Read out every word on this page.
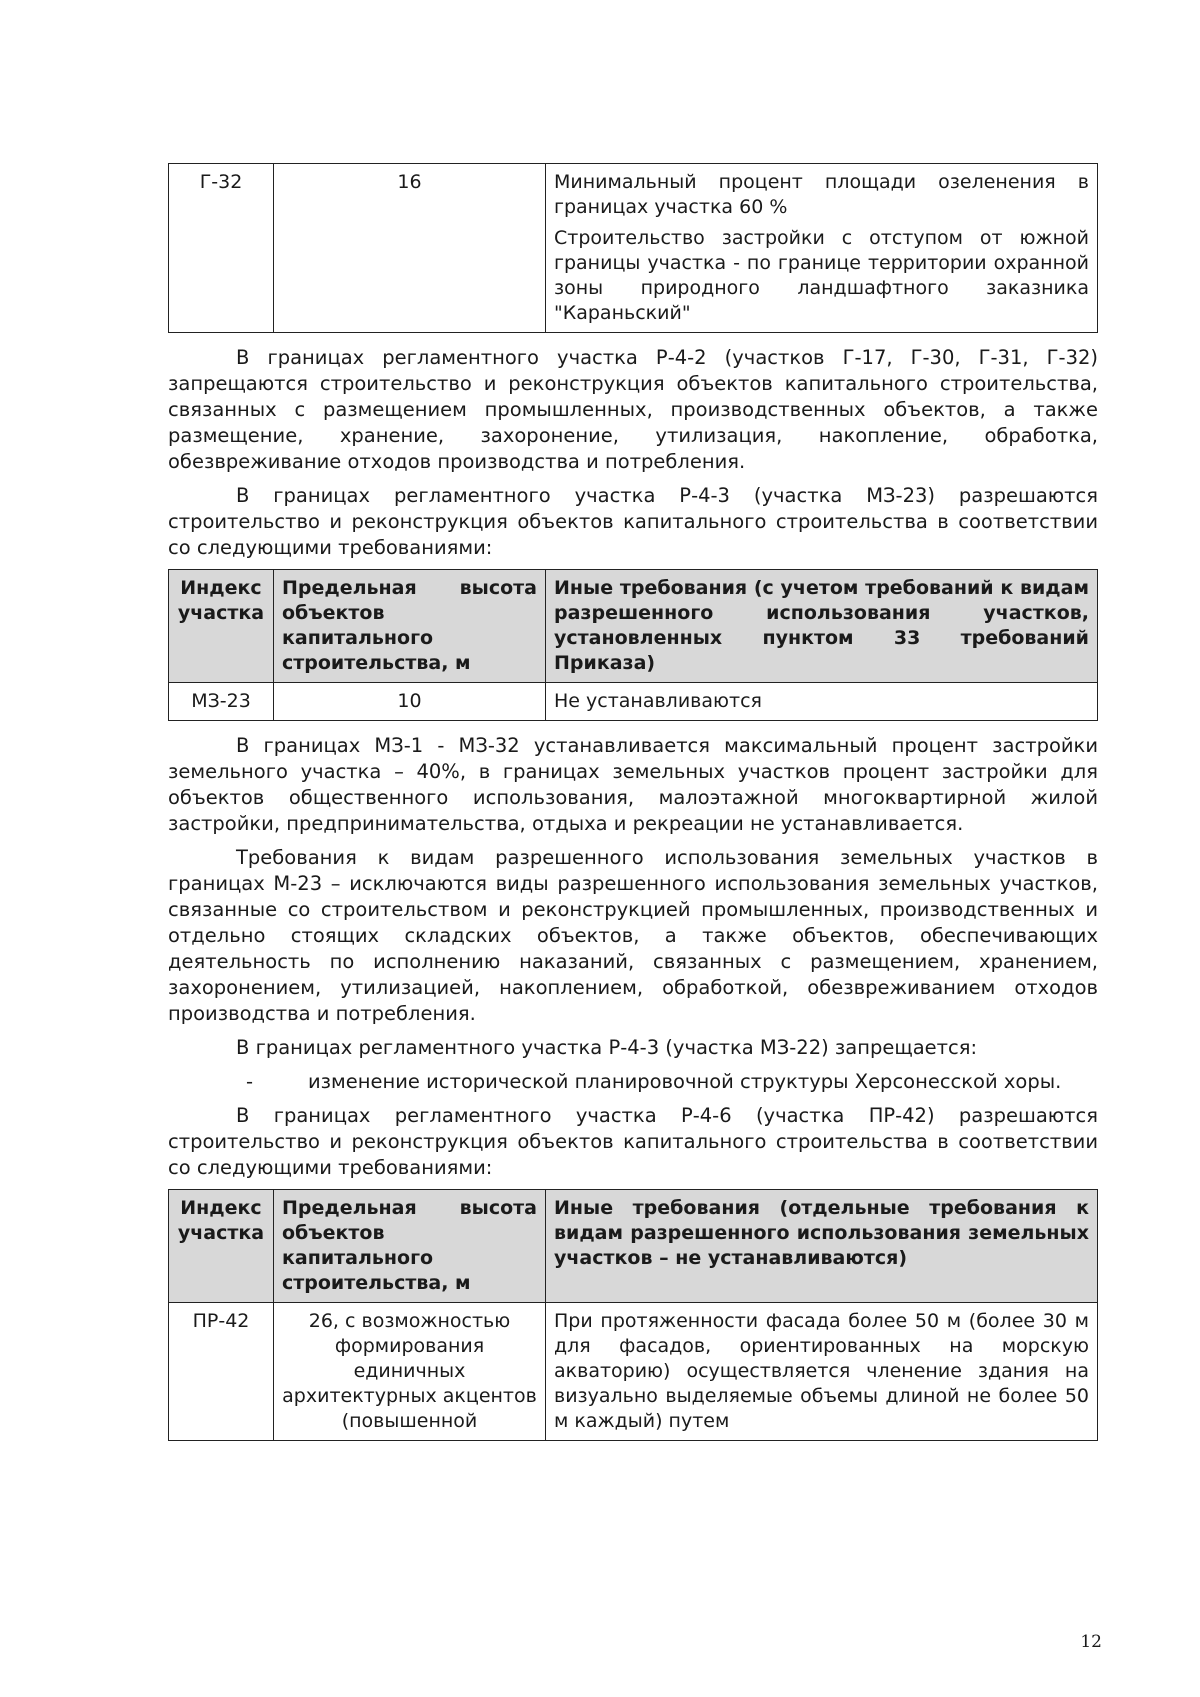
Г-32	16	Минимальный процент площади озеленения в границах участка 60 %

Строительство застройки с отступом от южной границы участка - по границе территории охранной зоны природного ландшафтного заказника "Караньский"

В границах регламентного участка Р-4-2 (участков Г-17, Г-30, Г-31, Г-32) запрещаются строительство и реконструкция объектов капитального строительства, связанных с размещением промышленных, производственных объектов, а также размещение, хранение, захоронение, утилизация, накопление, обработка, обезвреживание отходов производства и потребления.

В границах регламентного участка Р-4-3 (участка МЗ-23) разрешаются строительство и реконструкция объектов капитального строительства в соответствии со следующими требованиями:

Индекс участка	Предельная высота объектов капитального строительства, м	Иные требования (с учетом требований к видам разрешенного использования участков, установленных пунктом 33 требований Приказа)
МЗ-23	10	Не устанавливаются

В границах МЗ-1 - МЗ-32 устанавливается максимальный процент застройки земельного участка – 40%, в границах земельных участков процент застройки для объектов общественного использования, малоэтажной многоквартирной жилой застройки, предпринимательства, отдыха и рекреации не устанавливается.

Требования к видам разрешенного использования земельных участков в границах М-23 – исключаются виды разрешенного использования земельных участков, связанные со строительством и реконструкцией промышленных, производственных и отдельно стоящих складских объектов, а также объектов, обеспечивающих деятельность по исполнению наказаний, связанных с размещением, хранением, захоронением, утилизацией, накоплением, обработкой, обезвреживанием отходов производства и потребления.

В границах регламентного участка Р-4-3 (участка МЗ-22) запрещается:

-	изменение исторической планировочной структуры Херсонесской хоры.

В границах регламентного участка Р-4-6 (участка ПР-42) разрешаются строительство и реконструкция объектов капитального строительства в соответствии со следующими требованиями:

Индекс участка	Предельная высота объектов капитального строительства, м	Иные требования (отдельные требования к видам разрешенного использования земельных участков – не устанавливаются)
ПР-42	26, с возможностью формирования единичных архитектурных акцентов (повышенной	При протяженности фасада более 50 м (более 30 м для фасадов, ориентированных на морскую акваторию) осуществляется членение здания на визуально выделяемые объемы длиной не более 50 м каждый) путем
12
